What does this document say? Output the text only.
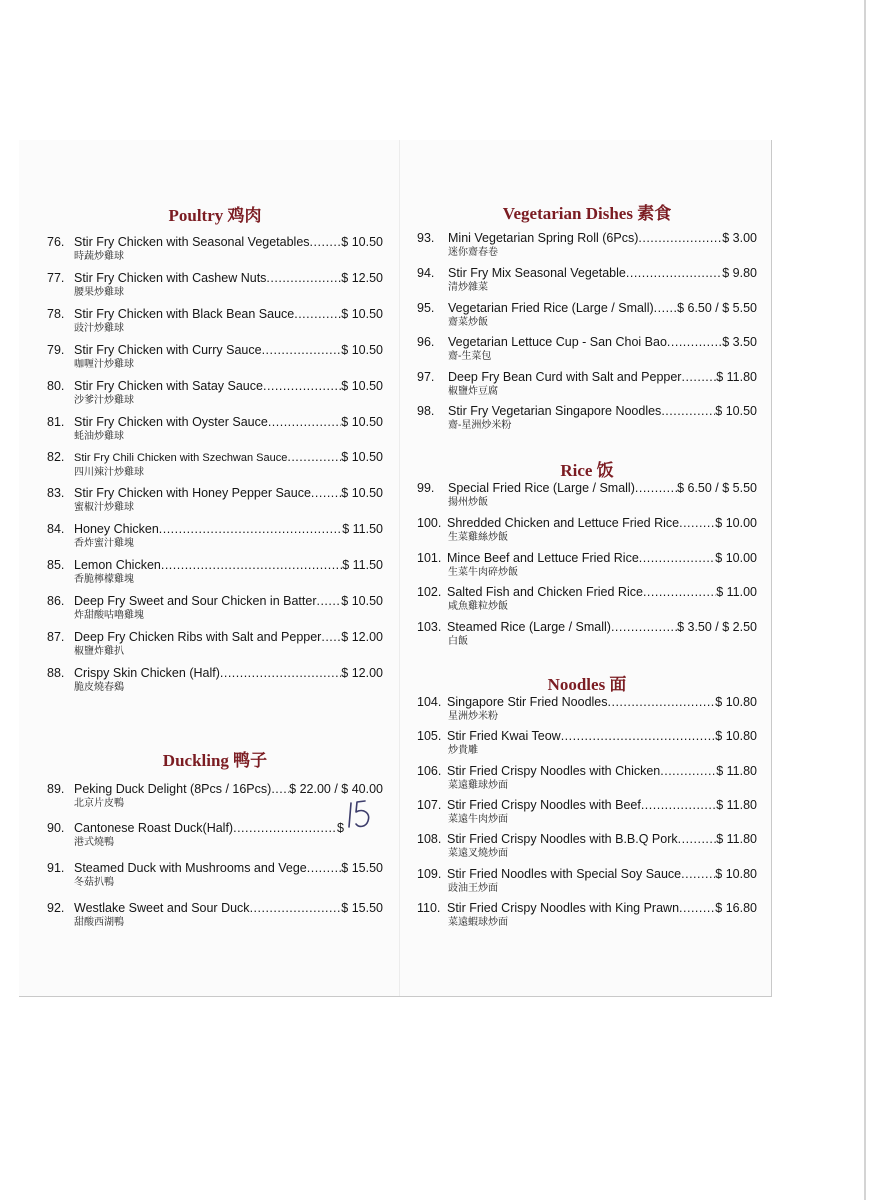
Poultry 鸡肉
76. Stir Fry Chicken with Seasonal Vegetables .....	$ 10.50
時蔬炒雞球
77. Stir Fry Chicken with Cashew Nuts .....	$ 12.50
腰果炒雞球
78. Stir Fry Chicken with Black Bean Sauce .....	$ 10.50
豉汁炒雞球
79. Stir Fry Chicken with Curry Sauce .....	$ 10.50
咖喱汁炒雞球
80. Stir Fry Chicken with Satay Sauce .....	$ 10.50
沙爹汁炒雞球
81. Stir Fry Chicken with Oyster Sauce .....	$ 10.50
蚝油炒雞球
82. Stir Fry Chili Chicken with Szechwan Sauce .....	$ 10.50
四川辣汁炒雞球
83. Stir Fry Chicken with Honey Pepper Sauce ..... $ 10.50
蜜椒汁炒雞球
84. Honey Chicken .....	$ 11.50
香炸蜜汁雞塊
85. Lemon Chicken .....	$ 11.50
香脆檸檬雞塊
86. Deep Fry Sweet and Sour Chicken in Batter ..... $ 10.50
炸甜酸咕嚕雞塊
87. Deep Fry Chicken Ribs with Salt and Pepper ..... $ 12.00
椒鹽炸雞扒
88. Crispy Skin Chicken (Half) .....	$ 12.00
脆皮燒春鷄
Duckling 鸭子
89. Peking Duck Delight (8Pcs / 16Pcs) ..... $ 22.00 / $ 40.00
北京片皮鴨
90. Cantonese Roast Duck(Half) .....	$
港式燒鴨
91. Steamed Duck with Mushrooms and Vege .....	$ 15.50
冬菇扒鴨
92. Westlake Sweet and Sour Duck .....	$ 15.50
甜酸西湖鴨
Vegetarian Dishes 素食
93.	Mini Vegetarian Spring Roll (6Pcs) .....	$ 3.00
迷你齋春卷
94.	Stir Fry Mix Seasonal Vegetable .....	$ 9.80
清炒雜菜
95.	Vegetarian Fried Rice (Large / Small) ..... $ 6.50 / $ 5.50
齋菜炒飯
96.	Vegetarian Lettuce Cup - San Choi Bao .....	$ 3.50
齋-生菜包
97.	Deep Fry Bean Curd with Salt and Pepper .....	$ 11.80
椒鹽炸豆腐
98.	Stir Fry Vegetarian Singapore Noodles .....	$ 10.50
齋-星洲炒米粉
Rice 饭
99.	Special Fried Rice (Large / Small) .....	$ 6.50 / $ 5.50
揚州炒飯
100. Shredded Chicken and Lettuce Fried Rice .....	$ 10.00
生菜雞絲炒飯
101. Mince Beef and Lettuce Fried Rice .....	$ 10.00
生菜牛肉碎炒飯
102. Salted Fish and Chicken Fried Rice .....	$ 11.00
咸魚雞粒炒飯
103. Steamed Rice (Large / Small) .....	$ 3.50 / $ 2.50
白飯
Noodles 面
104. Singapore Stir Fried Noodles .....	$ 10.80
星洲炒米粉
105. Stir Fried Kwai Teow .....	$ 10.80
炒貴雕
106. Stir Fried Crispy Noodles with Chicken .....	$ 11.80
菜遠雞球炒面
107. Stir Fried Crispy Noodles with Beef .....	$ 11.80
菜遠牛肉炒面
108. Stir Fried Crispy Noodles with B.B.Q Pork .....	$ 11.80
菜遠叉燒炒面
109. Stir Fried Noodles with Special Soy Sauce .....	$ 10.80
豉油王炒面
110. Stir Fried Crispy Noodles with King Prawn .....	$ 16.80
菜遠蝦球炒面
